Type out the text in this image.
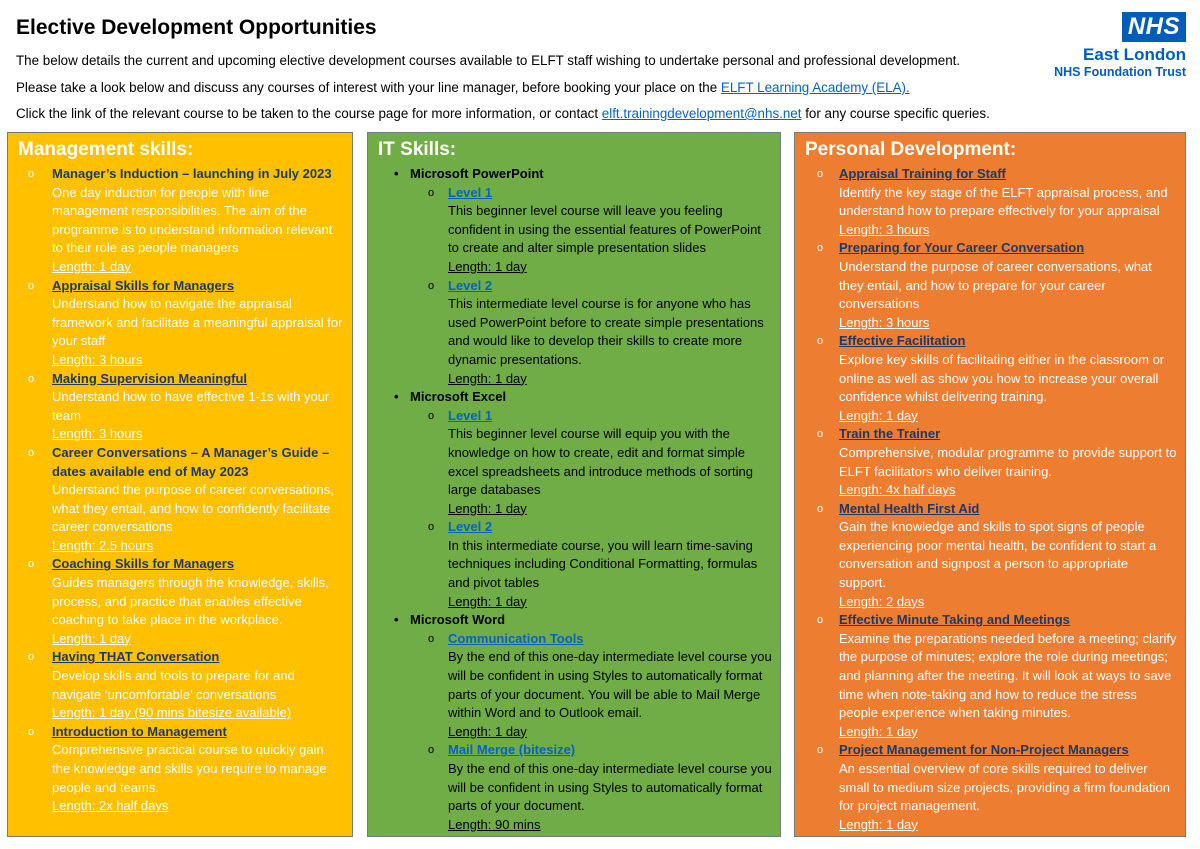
Elective Development Opportunities

The below details the current and upcoming elective development courses available to ELFT staff wishing to undertake personal and professional development.

Please take a look below and discuss any courses of interest with your line manager, before booking your place on the ELFT Learning Academy (ELA).

Click the link of the relevant course to be taken to the course page for more information, or contact elft.trainingdevelopment@nhs.net for any course specific queries.

NHS
East London
NHS Foundation Trust
Management skills:
o Manager’s Induction – launching in July 2023
One day induction for people with line management responsibilities. The aim of the programme is to understand information relevant to their role as people managers
Length: 1 day
o Appraisal Skills for Managers
Understand how to navigate the appraisal framework and facilitate a meaningful appraisal for your staff
Length: 3 hours
o Making Supervision Meaningful
Understand how to have effective 1-1s with your team
Length: 3 hours
o Career Conversations – A Manager’s Guide – dates available end of May 2023
Understand the purpose of career conversations, what they entail, and how to confidently facilitate career conversations
Length: 2.5 hours
o Coaching Skills for Managers
Guides managers through the knowledge, skills, process, and practice that enables effective coaching to take place in the workplace.
Length: 1 day
o Having THAT Conversation
Develop skills and tools to prepare for and navigate ‘uncomfortable’ conversations
Length: 1 day (90 mins bitesize available)
o Introduction to Management
Comprehensive practical course to quickly gain the knowledge and skills you require to manage people and teams.
Length: 2x half days
IT Skills:
• Microsoft PowerPoint
o Level 1
This beginner level course will leave you feeling confident in using the essential features of PowerPoint to create and alter simple presentation slides
Length: 1 day
o Level 2
This intermediate level course is for anyone who has used PowerPoint before to create simple presentations and would like to develop their skills to create more dynamic presentations.
Length: 1 day
• Microsoft Excel
o Level 1
This beginner level course will equip you with the knowledge on how to create, edit and format simple excel spreadsheets and introduce methods of sorting large databases
Length: 1 day
o Level 2
In this intermediate course, you will learn time-saving techniques including Conditional Formatting, formulas and pivot tables
Length: 1 day
• Microsoft Word
o Communication Tools
By the end of this one-day intermediate level course you will be confident in using Styles to automatically format parts of your document. You will be able to Mail Merge within Word and to Outlook email.
Length: 1 day
o Mail Merge (bitesize)
By the end of this one-day intermediate level course you will be confident in using Styles to automatically format parts of your document.
Length: 90 mins
Personal Development:
o Appraisal Training for Staff
Identify the key stage of the ELFT appraisal process, and understand how to prepare effectively for your appraisal
Length: 3 hours
o Preparing for Your Career Conversation
Understand the purpose of career conversations, what they entail, and how to prepare for your career conversations
Length: 3 hours
o Effective Facilitation
Explore key skills of facilitating either in the classroom or online as well as show you how to increase your overall confidence whilst delivering training.
Length: 1 day
o Train the Trainer
Comprehensive, modular programme to provide support to ELFT facilitators who deliver training.
Length: 4x half days
o Mental Health First Aid
Gain the knowledge and skills to spot signs of people experiencing poor mental health, be confident to start a conversation and signpost a person to appropriate support.
Length: 2 days
o Effective Minute Taking and Meetings
Examine the preparations needed before a meeting; clarify the purpose of minutes; explore the role during meetings; and planning after the meeting. It will look at ways to save time when note-taking and how to reduce the stress people experience when taking minutes.
Length: 1 day
o Project Management for Non-Project Managers
An essential overview of core skills required to deliver small to medium size projects, providing a firm foundation for project management.
Length: 1 day
